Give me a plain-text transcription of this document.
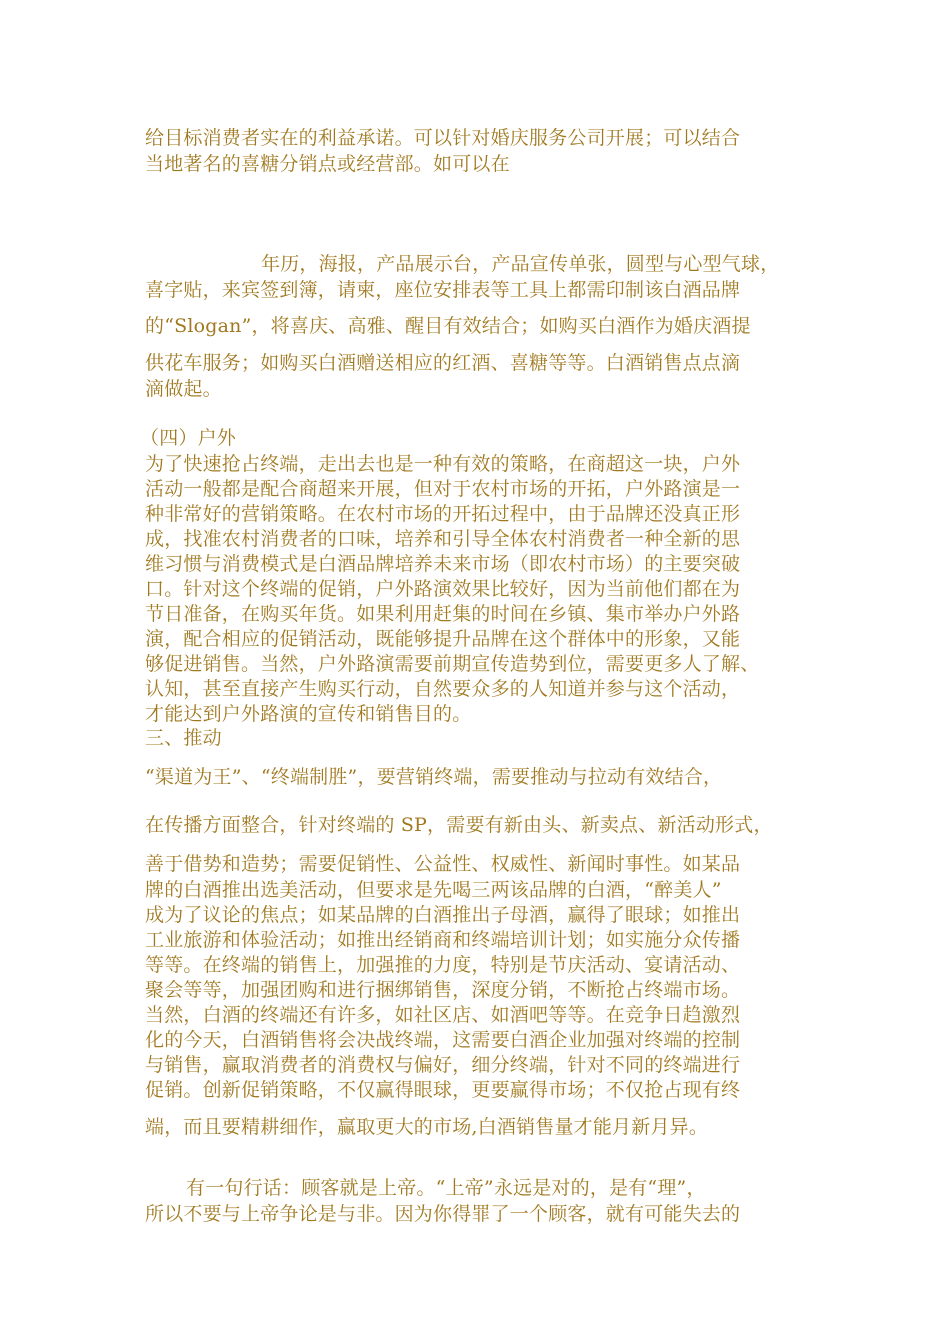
给目标消费者实在的利益承诺。可以针对婚庆服务公司开展；可以结合
当地著名的喜糖分销点或经营部。如可以在
年历，海报，产品展示台，产品宣传单张，圆型与心型气球，
喜字贴，来宾签到簿，请柬，座位安排表等工具上都需印制该白酒品牌
的“Slogan”，将喜庆、高雅、醒目有效结合；如购买白酒作为婚庆酒提
供花车服务；如购买白酒赠送相应的红酒、喜糖等等。白酒销售点点滴
滴做起。
（四）户外
为了快速抢占终端，走出去也是一种有效的策略，在商超这一块，户外
活动一般都是配合商超来开展，但对于农村市场的开拓，户外路演是一
种非常好的营销策略。在农村市场的开拓过程中，由于品牌还没真正形
成，找准农村消费者的口味，培养和引导全体农村消费者一种全新的思
维习惯与消费模式是白酒品牌培养未来市场（即农村市场）的主要突破
口。针对这个终端的促销，户外路演效果比较好，因为当前他们都在为
节日准备，在购买年货。如果利用赶集的时间在乡镇、集市举办户外路
演，配合相应的促销活动，既能够提升品牌在这个群体中的形象，又能
够促进销售。当然，户外路演需要前期宣传造势到位，需要更多人了解、
认知，甚至直接产生购买行动，自然要众多的人知道并参与这个活动，
才能达到户外路演的宣传和销售目的。
三、推动
“渠道为王”、“终端制胜”，要营销终端，需要推动与拉动有效结合，
在传播方面整合，针对终端的 SP，需要有新由头、新卖点、新活动形式，
善于借势和造势；需要促销性、公益性、权威性、新闻时事性。如某品
牌的白酒推出选美活动，但要求是先喝三两该品牌的白酒，“醉美人”
成为了议论的焦点；如某品牌的白酒推出子母酒，赢得了眼球；如推出
工业旅游和体验活动；如推出经销商和终端培训计划；如实施分众传播
等等。在终端的销售上，加强推的力度，特别是节庆活动、宴请活动、
聚会等等，加强团购和进行捆绑销售，深度分销，不断抢占终端市场。
当然，白酒的终端还有许多，如社区店、如酒吧等等。在竞争日趋激烈
化的今天，白酒销售将会决战终端，这需要白酒企业加强对终端的控制
与销售，赢取消费者的消费权与偏好，细分终端，针对不同的终端进行
促销。创新促销策略，不仅赢得眼球，更要赢得市场；不仅抢占现有终
端，而且要精耕细作，赢取更大的市场,白酒销售量才能月新月异。
有一句行话：顾客就是上帝。“上帝”永远是对的，是有“理”，
所以不要与上帝争论是与非。因为你得罪了一个顾客，就有可能失去的
